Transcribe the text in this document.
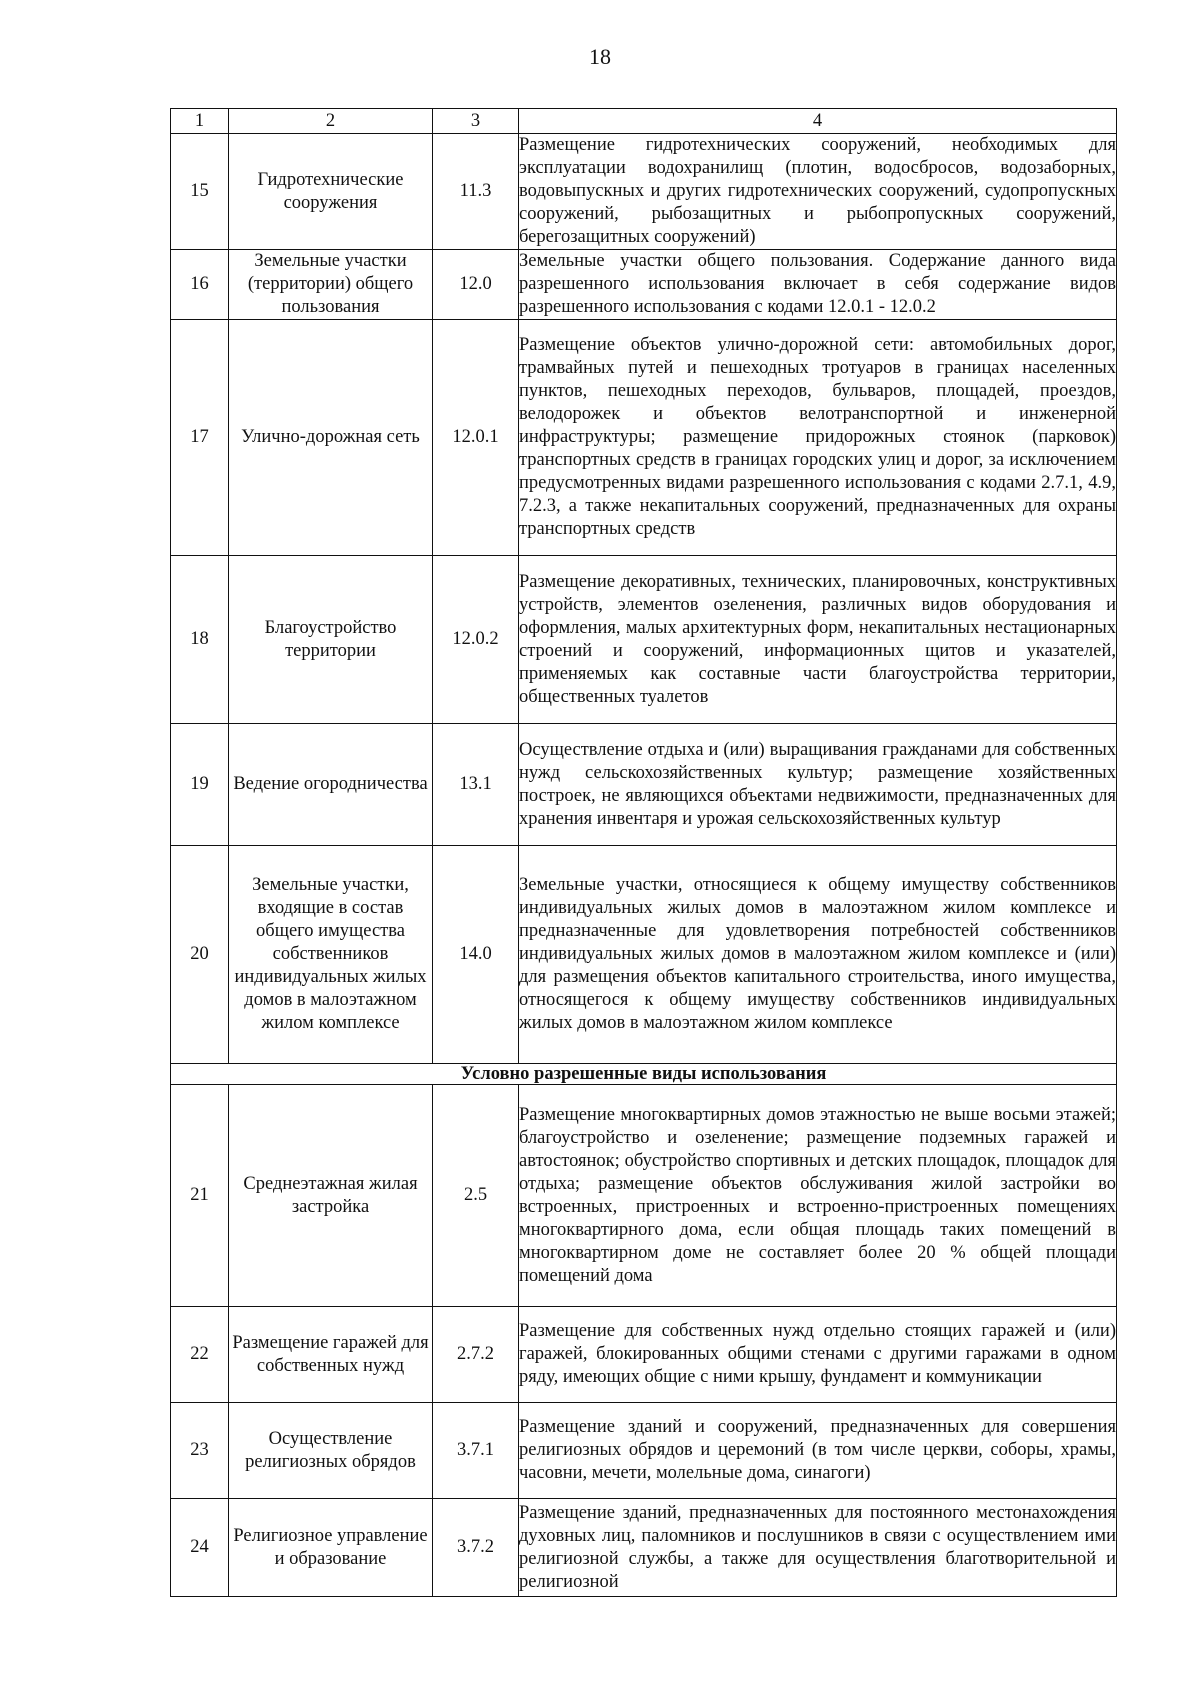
18
1	2	3	4
15	Гидротехнические сооружения	11.3	Размещение гидротехнических сооружений, необходимых для эксплуатации водохранилищ (плотин, водосбросов, водозаборных, водовыпускных и других гидротехнических сооружений, судопропускных сооружений, рыбозащитных и рыбопропускных сооружений, берегозащитных сооружений)
16	Земельные участки (территории) общего пользования	12.0	Земельные участки общего пользования. Содержание данного вида разрешенного использования включает в себя содержание видов разрешенного использования с кодами 12.0.1 - 12.0.2
17	Улично-дорожная сеть	12.0.1	Размещение объектов улично-дорожной сети: автомобильных дорог, трамвайных путей и пешеходных тротуаров в границах населенных пунктов, пешеходных переходов, бульваров, площадей, проездов, велодорожек и объектов велотранспортной и инженерной инфраструктуры; размещение придорожных стоянок (парковок) транспортных средств в границах городских улиц и дорог, за исключением предусмотренных видами разрешенного использования с кодами 2.7.1, 4.9, 7.2.3, а также некапитальных сооружений, предназначенных для охраны транспортных средств
18	Благоустройство территории	12.0.2	Размещение декоративных, технических, планировочных, конструктивных устройств, элементов озеленения, различных видов оборудования и оформления, малых архитектурных форм, некапитальных нестационарных строений и сооружений, информационных щитов и указателей, применяемых как составные части благоустройства территории, общественных туалетов
19	Ведение огородничества	13.1	Осуществление отдыха и (или) выращивания гражданами для собственных нужд сельскохозяйственных культур; размещение хозяйственных построек, не являющихся объектами недвижимости, предназначенных для хранения инвентаря и урожая сельскохозяйственных культур
20	Земельные участки, входящие в состав общего имущества собственников индивидуальных жилых домов в малоэтажном жилом комплексе	14.0	Земельные участки, относящиеся к общему имуществу собственников индивидуальных жилых домов в малоэтажном жилом комплексе и предназначенные для удовлетворения потребностей собственников индивидуальных жилых домов в малоэтажном жилом комплексе и (или) для размещения объектов капитального строительства, иного имущества, относящегося к общему имуществу собственников индивидуальных жилых домов в малоэтажном жилом комплексе
Условно разрешенные виды использования			
21	Среднеэтажная жилая застройка	2.5	Размещение многоквартирных домов этажностью не выше восьми этажей; благоустройство и озеленение; размещение подземных гаражей и автостоянок; обустройство спортивных и детских площадок, площадок для отдыха; размещение объектов обслуживания жилой застройки во встроенных, пристроенных и встроенно-пристроенных помещениях многоквартирного дома, если общая площадь таких помещений в многоквартирном доме не составляет более 20 % общей площади помещений дома
22	Размещение гаражей для собственных нужд	2.7.2	Размещение для собственных нужд отдельно стоящих гаражей и (или) гаражей, блокированных общими стенами с другими гаражами в одном ряду, имеющих общие с ними крышу, фундамент и коммуникации
23	Осуществление религиозных обрядов	3.7.1	Размещение зданий и сооружений, предназначенных для совершения религиозных обрядов и церемоний (в том числе церкви, соборы, храмы, часовни, мечети, молельные дома, синагоги)
24	Религиозное управление и образование	3.7.2	Размещение зданий, предназначенных для постоянного местонахождения духовных лиц, паломников и послушников в связи с осуществлением ими религиозной службы, а также для осуществления благотворительной и религиозной
